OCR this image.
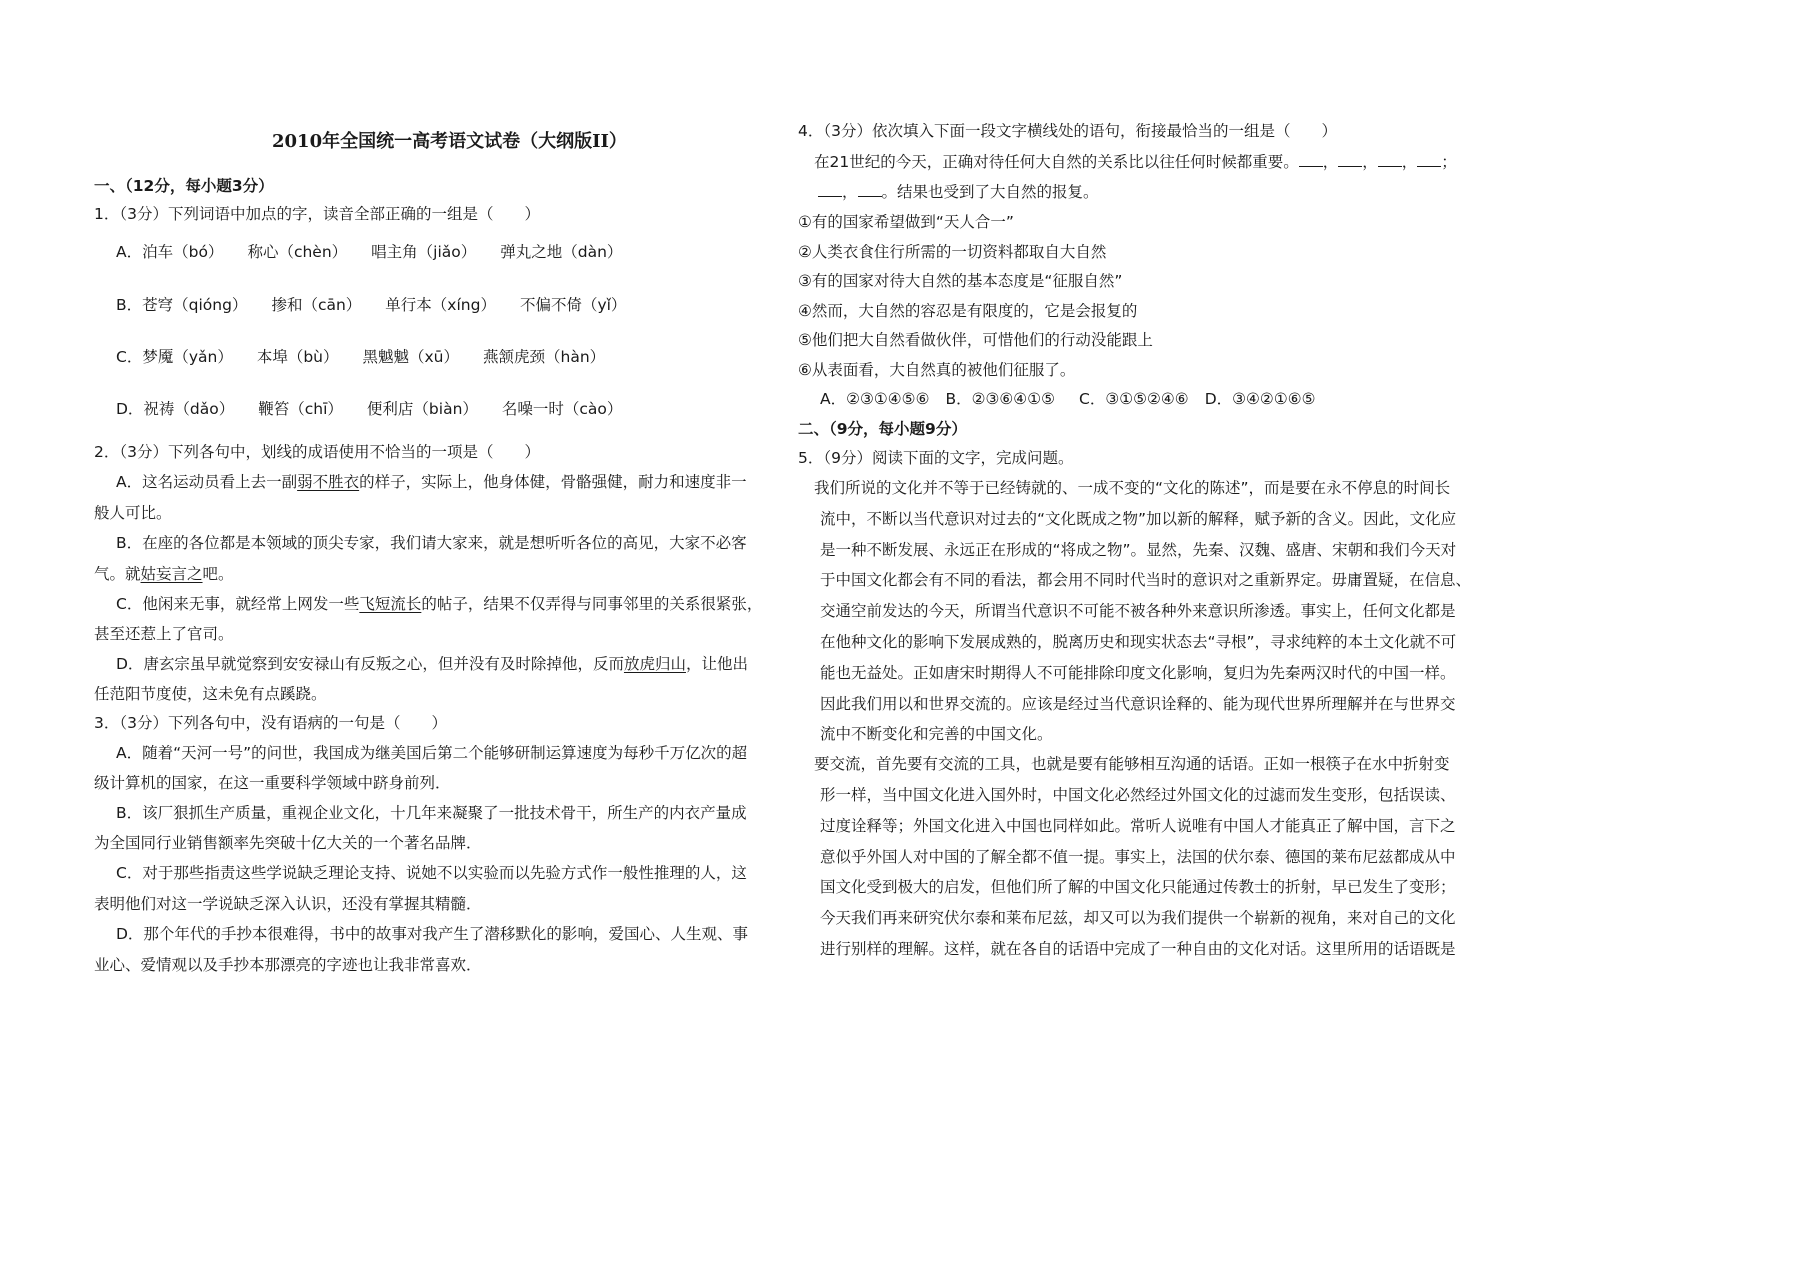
2010年全国统一高考语文试卷（大纲版II）
一、（12分，每小题3分）
1．（3分）下列词语中加点的字，读音全部正确的一组是（　　）
A．泊车（bó） 称心（chèn） 唱主角（jiǎo） 弹丸之地（dàn）
B．苍穹（qióng） 掺和（cān） 单行本（xíng） 不偏不倚（yǐ）
C．梦魇（yǎn） 本埠（bù） 黑魆魆（xū） 燕颔虎颈（hàn）
D．祝祷（dǎo） 鞭笞（chī） 便利店（biàn） 名噪一时（cào）
2．（3分）下列各句中，划线的成语使用不恰当的一项是（　　）
A．这名运动员看上去一副弱不胜衣的样子，实际上，他身体健，骨骼强健，耐力和速度非一
般人可比。
B．在座的各位都是本领域的顶尖专家，我们请大家来，就是想听听各位的高见，大家不必客
气。就姑妄言之吧。
C．他闲来无事，就经常上网发一些飞短流长的帖子，结果不仅弄得与同事邻里的关系很紧张，
甚至还惹上了官司。
D．唐玄宗虽早就觉察到安安禄山有反叛之心，但并没有及时除掉他，反而放虎归山，让他出
任范阳节度使，这未免有点蹊跷。
3．（3分）下列各句中，没有语病的一句是（　　）
A．随着“天河一号”的问世，我国成为继美国后第二个能够研制运算速度为每秒千万亿次的超
级计算机的国家，在这一重要科学领域中跻身前列．
B．该厂狠抓生产质量，重视企业文化，十几年来凝聚了一批技术骨干，所生产的内衣产量成
为全国同行业销售额率先突破十亿大关的一个著名品牌．
C．对于那些指责这些学说缺乏理论支持、说她不以实验而以先验方式作一般性推理的人，这
表明他们对这一学说缺乏深入认识，还没有掌握其精髓．
D．那个年代的手抄本很难得，书中的故事对我产生了潜移默化的影响，爱国心、人生观、事
业心、爱情观以及手抄本那漂亮的字迹也让我非常喜欢．
4．（3分）依次填入下面一段文字横线处的语句，衔接最恰当的一组是（　　）
在21世纪的今天，正确对待任何大自然的关系比以往任何时候都重要。 ， ， ， ；
， 。结果也受到了大自然的报复。
①有的国家希望做到“天人合一”
②人类衣食住行所需的一切资料都取自大自然
③有的国家对待大自然的基本态度是“征服自然”
④然而，大自然的容忍是有限度的，它是会报复的
⑤他们把大自然看做伙伴，可惜他们的行动没能跟上
⑥从表面看，大自然真的被他们征服了。
A．②③①④⑤⑥ B．②③⑥④①⑤ C．③①⑤②④⑥ D．③④②①⑥⑤
二、（9分，每小题9分）
5．（9分）阅读下面的文字，完成问题。
我们所说的文化并不等于已经铸就的、一成不变的“文化的陈述”，而是要在永不停息的时间长
流中，不断以当代意识对过去的“文化既成之物”加以新的解释，赋予新的含义。因此，文化应
是一种不断发展、永远正在形成的“将成之物”。显然，先秦、汉魏、盛唐、宋朝和我们今天对
于中国文化都会有不同的看法，都会用不同时代当时的意识对之重新界定。毋庸置疑，在信息、
交通空前发达的今天，所谓当代意识不可能不被各种外来意识所渗透。事实上，任何文化都是
在他种文化的影响下发展成熟的，脱离历史和现实状态去“寻根”，寻求纯粹的本土文化就不可
能也无益处。正如唐宋时期得人不可能排除印度文化影响，复归为先秦两汉时代的中国一样。
因此我们用以和世界交流的。应该是经过当代意识诠释的、能为现代世界所理解并在与世界交
流中不断变化和完善的中国文化。
要交流，首先要有交流的工具，也就是要有能够相互沟通的话语。正如一根筷子在水中折射变
形一样，当中国文化进入国外时，中国文化必然经过外国文化的过滤而发生变形，包括误读、
过度诠释等；外国文化进入中国也同样如此。常听人说唯有中国人才能真正了解中国，言下之
意似乎外国人对中国的了解全都不值一提。事实上，法国的伏尔泰、德国的莱布尼兹都成从中
国文化受到极大的启发，但他们所了解的中国文化只能通过传教士的折射，早已发生了变形；
今天我们再来研究伏尔泰和莱布尼兹，却又可以为我们提供一个崭新的视角，来对自己的文化
进行别样的理解。这样，就在各自的话语中完成了一种自由的文化对话。这里所用的话语既是
